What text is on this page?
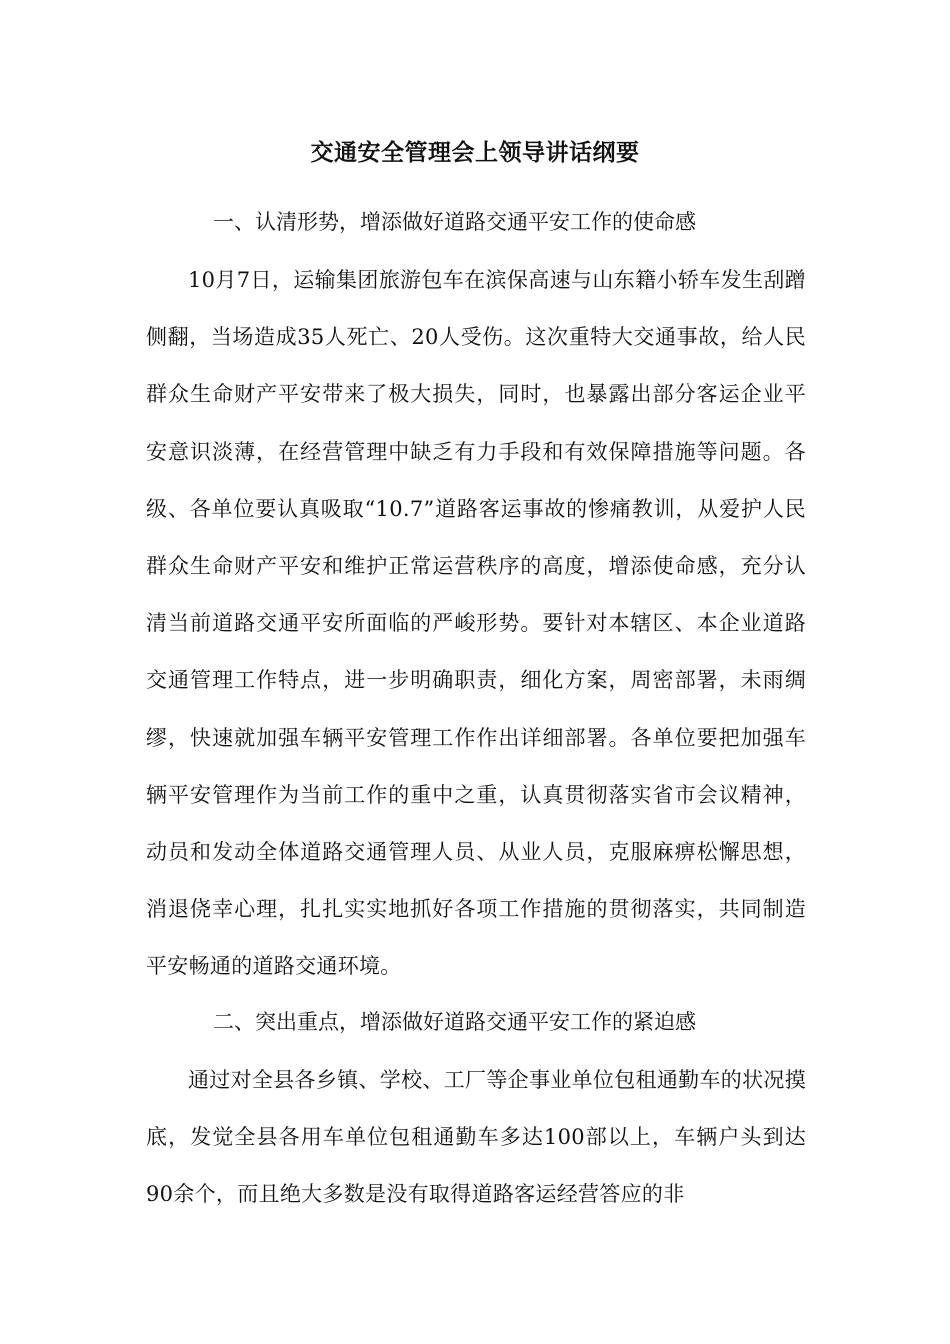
交通安全管理会上领导讲话纲要

一、认清形势，增添做好道路交通平安工作的使命感

10月7日，运输集团旅游包车在滨保高速与山东籍小轿车发生刮蹭侧翻，当场造成35人死亡、20人受伤。这次重特大交通事故，给人民群众生命财产平安带来了极大损失，同时，也暴露出部分客运企业平安意识淡薄，在经营管理中缺乏有力手段和有效保障措施等问题。各级、各单位要认真吸取“10.7”道路客运事故的惨痛教训，从爱护人民群众生命财产平安和维护正常运营秩序的高度，增添使命感，充分认清当前道路交通平安所面临的严峻形势。要针对本辖区、本企业道路交通管理工作特点，进一步明确职责，细化方案，周密部署，未雨绸缪，快速就加强车辆平安管理工作作出详细部署。各单位要把加强车辆平安管理作为当前工作的重中之重，认真贯彻落实省市会议精神，动员和发动全体道路交通管理人员、从业人员，克服麻痹松懈思想，消退侥幸心理，扎扎实实地抓好各项工作措施的贯彻落实，共同制造平安畅通的道路交通环境。

二、突出重点，增添做好道路交通平安工作的紧迫感

通过对全县各乡镇、学校、工厂等企事业单位包租通勤车的状况摸底，发觉全县各用车单位包租通勤车多达100部以上，车辆户头到达90余个，而且绝大多数是没有取得道路客运经营答应的非
